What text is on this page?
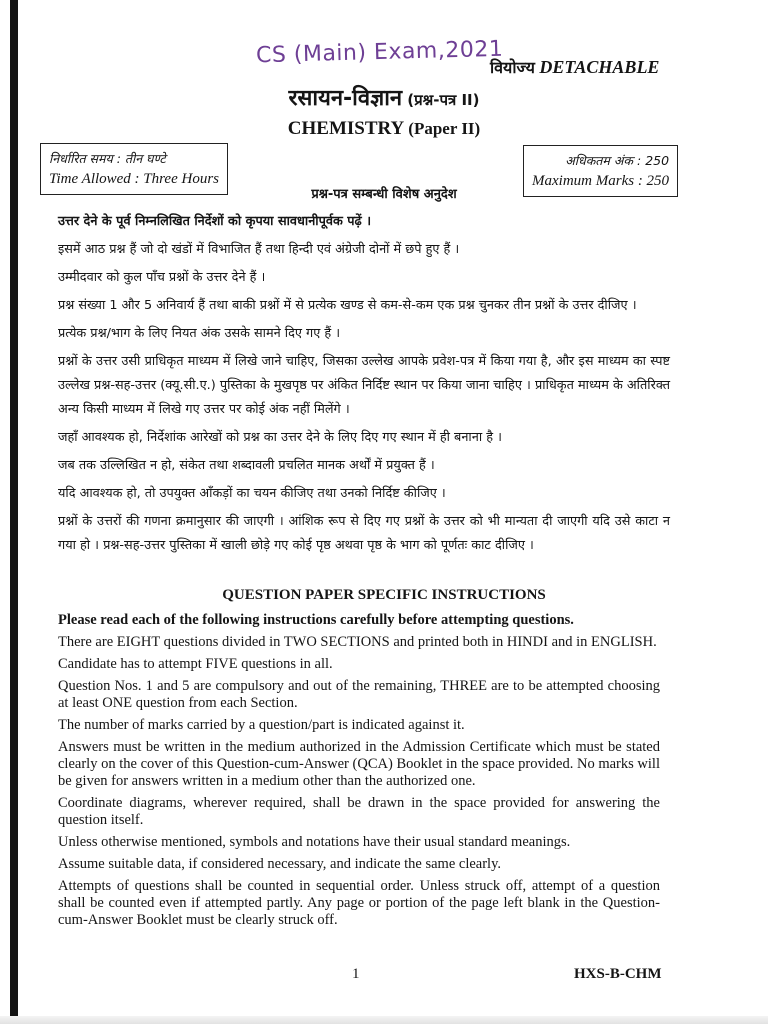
CS (Main) Exam,2021
वियोज्य DETACHABLE
रसायन-विज्ञान (प्रश्न-पत्र II)
CHEMISTRY (Paper II)
निर्धारित समय : तीन घण्टे
Time Allowed : Three Hours
अधिकतम अंक : 250
Maximum Marks : 250
प्रश्न-पत्र सम्बन्धी विशेष अनुदेश

उत्तर देने के पूर्व निम्नलिखित निर्देशों को कृपया सावधानीपूर्वक पढ़ें ।

इसमें आठ प्रश्न हैं जो दो खंडों में विभाजित हैं तथा हिन्दी एवं अंग्रेजी दोनों में छपे हुए हैं ।

उम्मीदवार को कुल पाँच प्रश्नों के उत्तर देने हैं ।

प्रश्न संख्या 1 और 5 अनिवार्य हैं तथा बाकी प्रश्नों में से प्रत्येक खण्ड से कम-से-कम एक प्रश्न चुनकर तीन प्रश्नों के उत्तर दीजिए ।

प्रत्येक प्रश्न/भाग के लिए नियत अंक उसके सामने दिए गए हैं ।

प्रश्नों के उत्तर उसी प्राधिकृत माध्यम में लिखे जाने चाहिए, जिसका उल्लेख आपके प्रवेश-पत्र में किया गया है, और इस माध्यम का स्पष्ट उल्लेख प्रश्न-सह-उत्तर (क्यू.सी.ए.) पुस्तिका के मुखपृष्ठ पर अंकित निर्दिष्ट स्थान पर किया जाना चाहिए । प्राधिकृत माध्यम के अतिरिक्त अन्य किसी माध्यम में लिखे गए उत्तर पर कोई अंक नहीं मिलेंगे ।

जहाँ आवश्यक हो, निर्देशांक आरेखों को प्रश्न का उत्तर देने के लिए दिए गए स्थान में ही बनाना है ।

जब तक उल्लिखित न हो, संकेत तथा शब्दावली प्रचलित मानक अर्थों में प्रयुक्त हैं ।

यदि आवश्यक हो, तो उपयुक्त आँकड़ों का चयन कीजिए तथा उनको निर्दिष्ट कीजिए ।

प्रश्नों के उत्तरों की गणना क्रमानुसार की जाएगी । आंशिक रूप से दिए गए प्रश्नों के उत्तर को भी मान्यता दी जाएगी यदि उसे काटा न गया हो । प्रश्न-सह-उत्तर पुस्तिका में खाली छोड़े गए कोई पृष्ठ अथवा पृष्ठ के भाग को पूर्णतः काट दीजिए ।

QUESTION PAPER SPECIFIC INSTRUCTIONS

Please read each of the following instructions carefully before attempting questions.

There are EIGHT questions divided in TWO SECTIONS and printed both in HINDI and in ENGLISH.

Candidate has to attempt FIVE questions in all.

Question Nos. 1 and 5 are compulsory and out of the remaining, THREE are to be attempted choosing at least ONE question from each Section.

The number of marks carried by a question/part is indicated against it.

Answers must be written in the medium authorized in the Admission Certificate which must be stated clearly on the cover of this Question-cum-Answer (QCA) Booklet in the space provided. No marks will be given for answers written in a medium other than the authorized one.

Coordinate diagrams, wherever required, shall be drawn in the space provided for answering the question itself.

Unless otherwise mentioned, symbols and notations have their usual standard meanings.

Assume suitable data, if considered necessary, and indicate the same clearly.

Attempts of questions shall be counted in sequential order. Unless struck off, attempt of a question shall be counted even if attempted partly. Any page or portion of the page left blank in the Question-cum-Answer Booklet must be clearly struck off.

1	HXS-B-CHM
